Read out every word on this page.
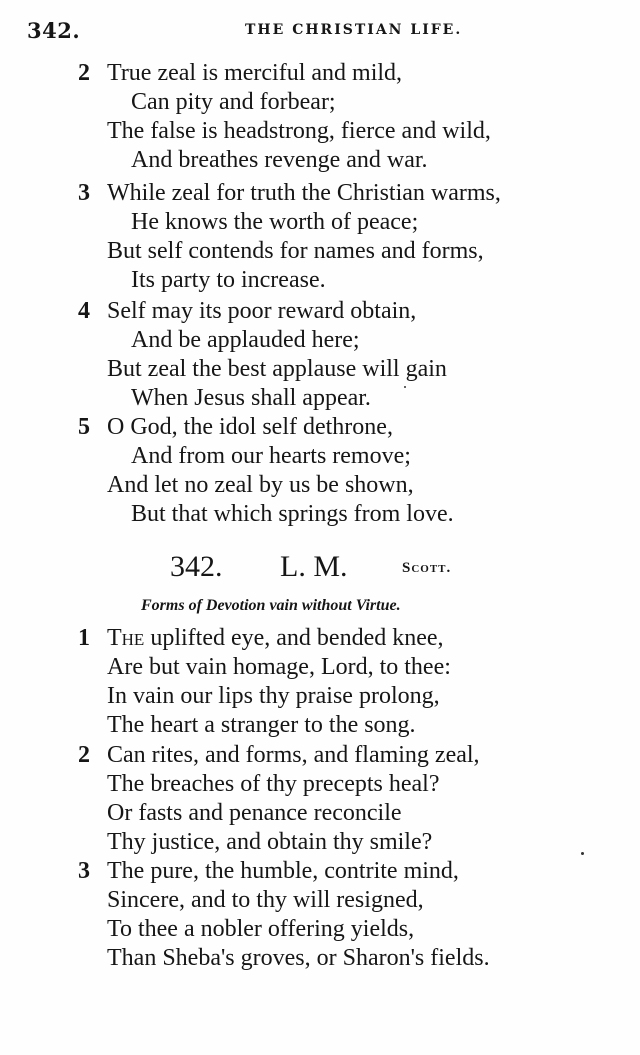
342.	THE CHRISTIAN LIFE.
2 True zeal is merciful and mild,
Can pity and forbear;
The false is headstrong, fierce and wild,
And breathes revenge and war.
3 While zeal for truth the Christian warms,
He knows the worth of peace;
But self contends for names and forms,
Its party to increase.
4 Self may its poor reward obtain,
And be applauded here;
But zeal the best applause will gain
When Jesus shall appear.
5 O God, the idol self dethrone,
And from our hearts remove;
And let no zeal by us be shown,
But that which springs from love.
342. L. M.	Scott.
Forms of Devotion vain without Virtue.
1 The uplifted eye, and bended knee,
Are but vain homage, Lord, to thee:
In vain our lips thy praise prolong,
The heart a stranger to the song.
2 Can rites, and forms, and flaming zeal,
The breaches of thy precepts heal?
Or fasts and penance reconcile
Thy justice, and obtain thy smile?
3 The pure, the humble, contrite mind,
Sincere, and to thy will resigned,
To thee a nobler offering yields,
Than Sheba's groves, or Sharon's fields.
